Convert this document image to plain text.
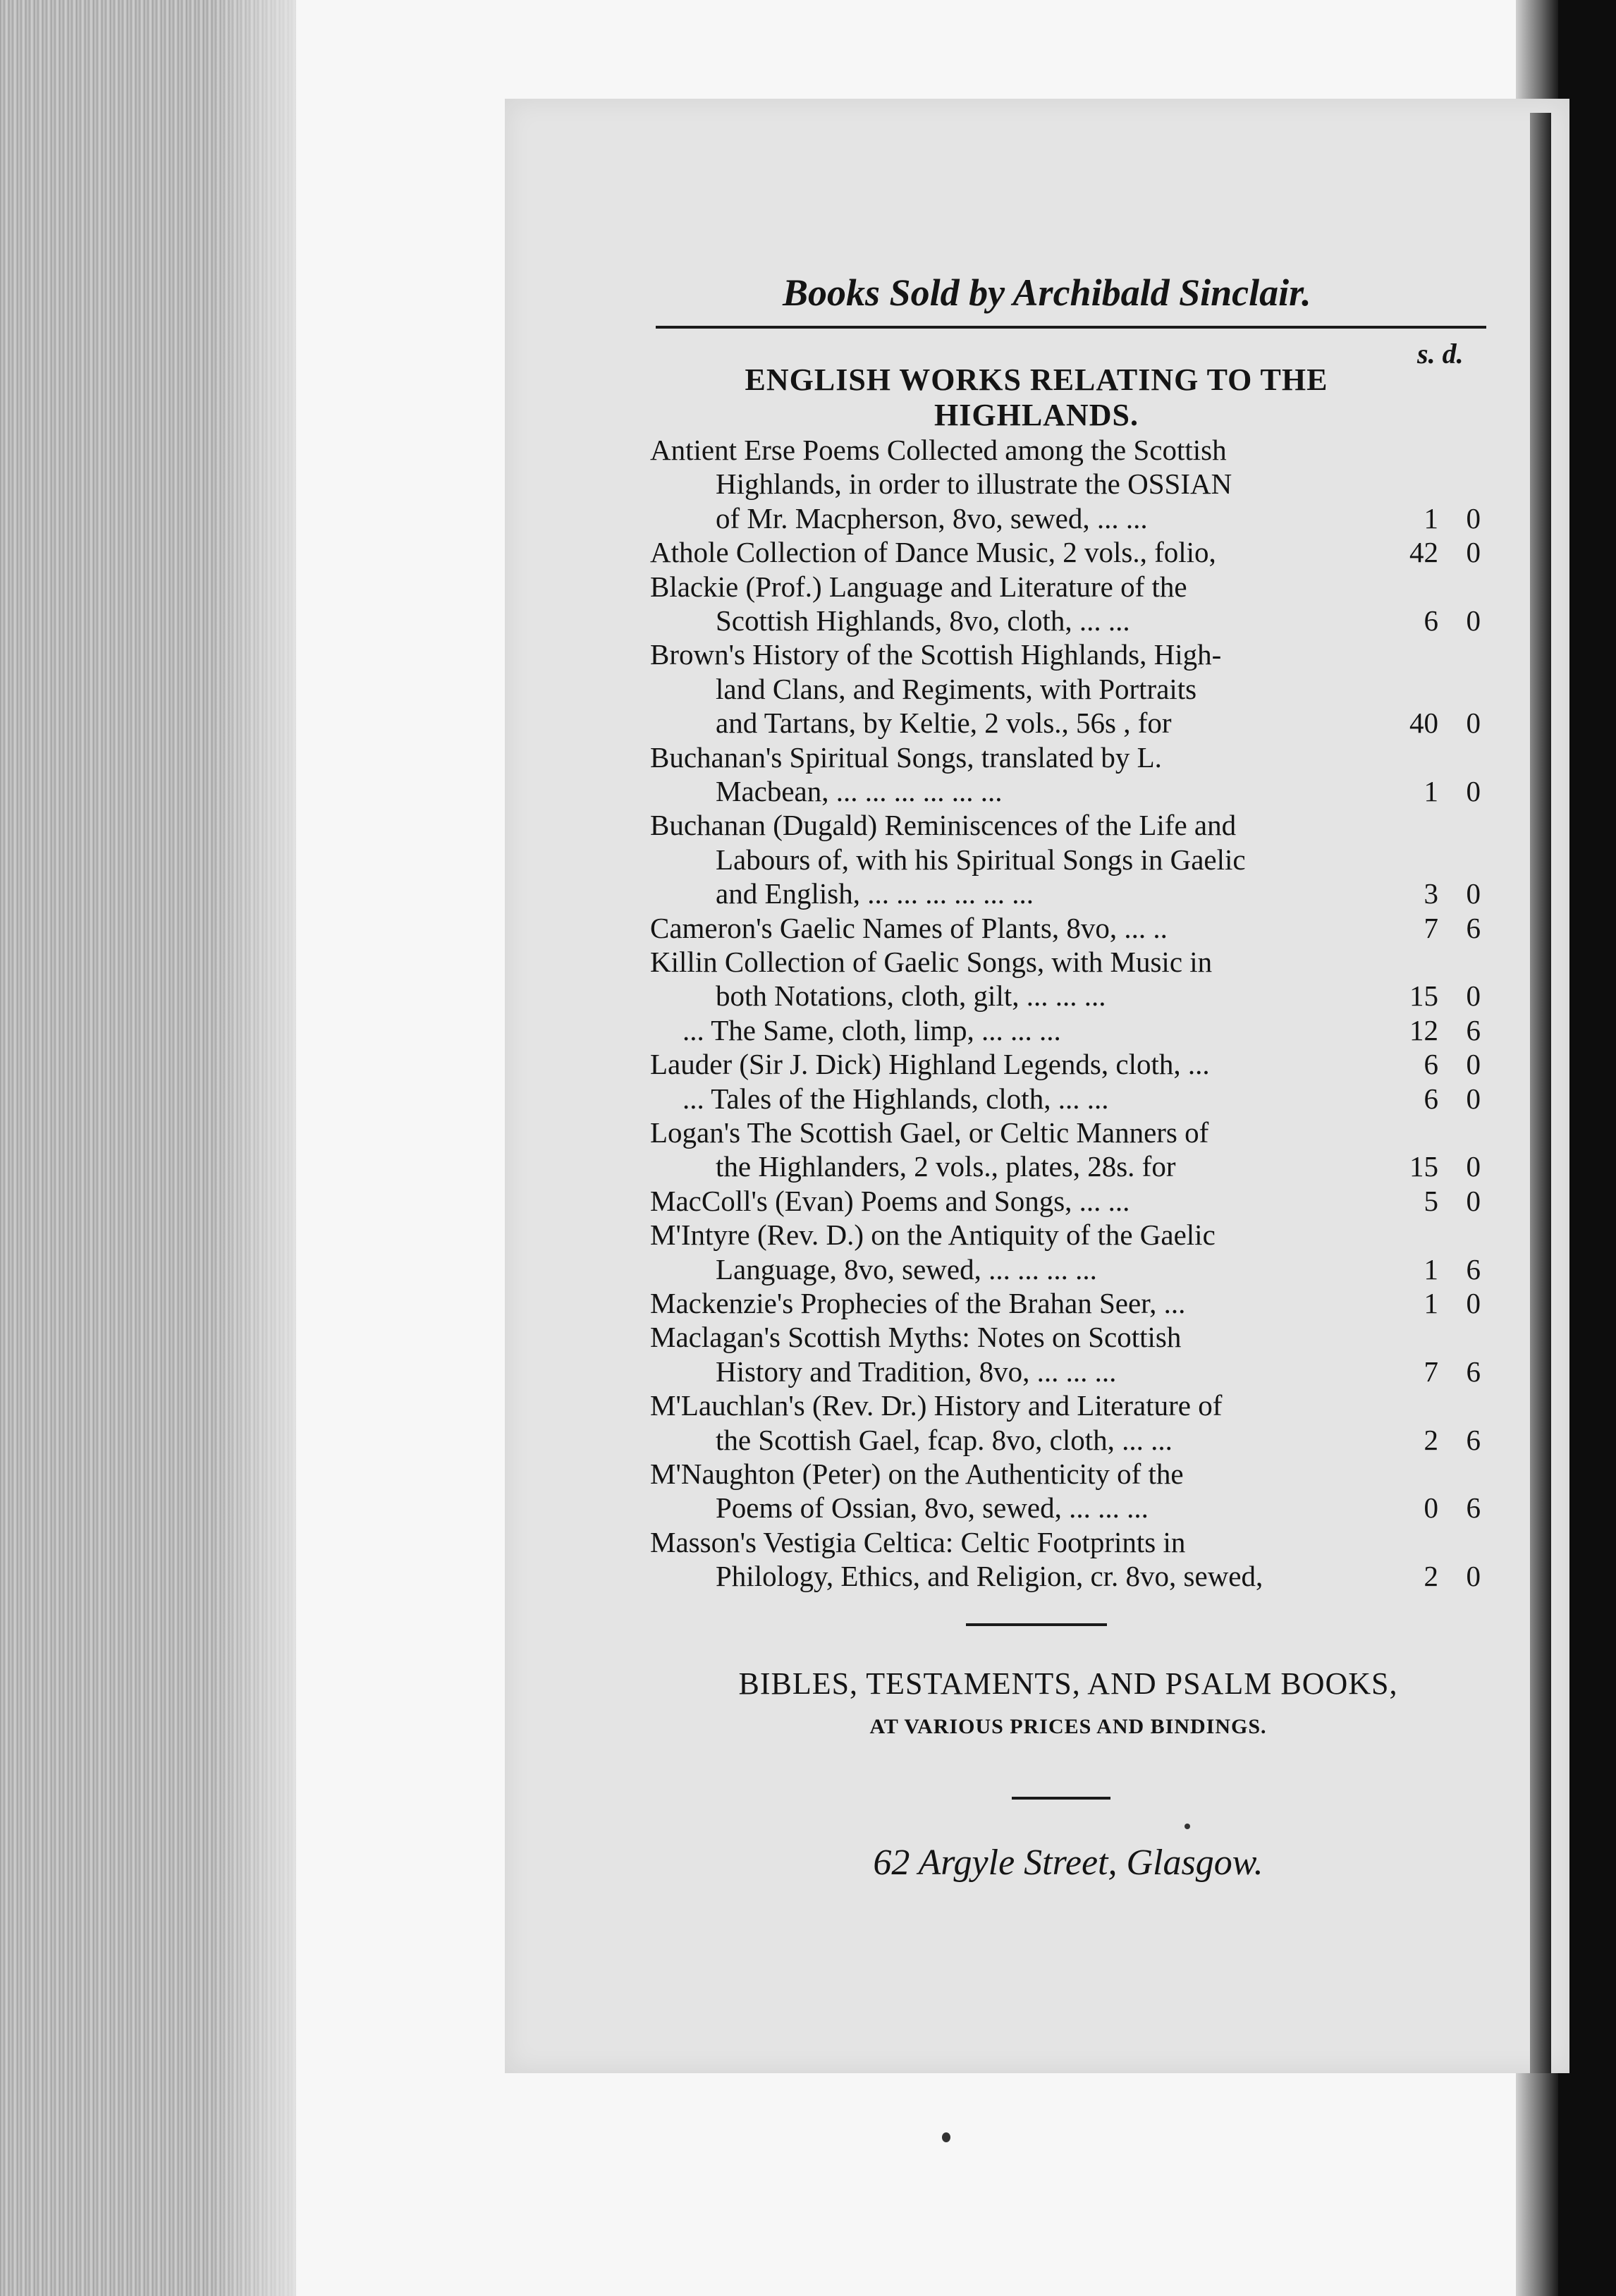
Books Sold by Archibald Sinclair.
s. d.
ENGLISH WORKS RELATING TO THE
HIGHLANDS.
Antient Erse Poems Collected among the Scottish
Highlands, in order to illustrate the OSSIAN
of Mr. Macpherson, 8vo, sewed, ... ...	1 0
Athole Collection of Dance Music, 2 vols., folio,	42 0
Blackie (Prof.) Language and Literature of the
Scottish Highlands, 8vo, cloth, ... ...	6 0
Brown's History of the Scottish Highlands, High-
land Clans, and Regiments, with Portraits
and Tartans, by Keltie, 2 vols., 56s , for	40 0
Buchanan's Spiritual Songs, translated by L.
Macbean, ... ... ... ... ... ...	1 0
Buchanan (Dugald) Reminiscences of the Life and
Labours of, with his Spiritual Songs in Gaelic
and English, ... ... ... ... ... ...	3 0
Cameron's Gaelic Names of Plants, 8vo, ... ..	7 6
Killin Collection of Gaelic Songs, with Music in
both Notations, cloth, gilt, ... ... ...	15 0
... The Same, cloth, limp, ... ... ...	12 6
Lauder (Sir J. Dick) Highland Legends, cloth, ...	6 0
... Tales of the Highlands, cloth, ... ...	6 0
Logan's The Scottish Gael, or Celtic Manners of
the Highlanders, 2 vols., plates, 28s. for	15 0
MacColl's (Evan) Poems and Songs, ... ...	5 0
M'Intyre (Rev. D.) on the Antiquity of the Gaelic
Language, 8vo, sewed, ... ... ... ...	1 6
Mackenzie's Prophecies of the Brahan Seer, ...	1 0
Maclagan's Scottish Myths: Notes on Scottish
History and Tradition, 8vo, ... ... ...	7 6
M'Lauchlan's (Rev. Dr.) History and Literature of
the Scottish Gael, fcap. 8vo, cloth, ... ...	2 6
M'Naughton (Peter) on the Authenticity of the
Poems of Ossian, 8vo, sewed, ... ... ...	0 6
Masson's Vestigia Celtica: Celtic Footprints in
Philology, Ethics, and Religion, cr. 8vo, sewed,	2 0
BIBLES, TESTAMENTS, AND PSALM BOOKS,
AT VARIOUS PRICES AND BINDINGS.
62 Argyle Street, Glasgow.
